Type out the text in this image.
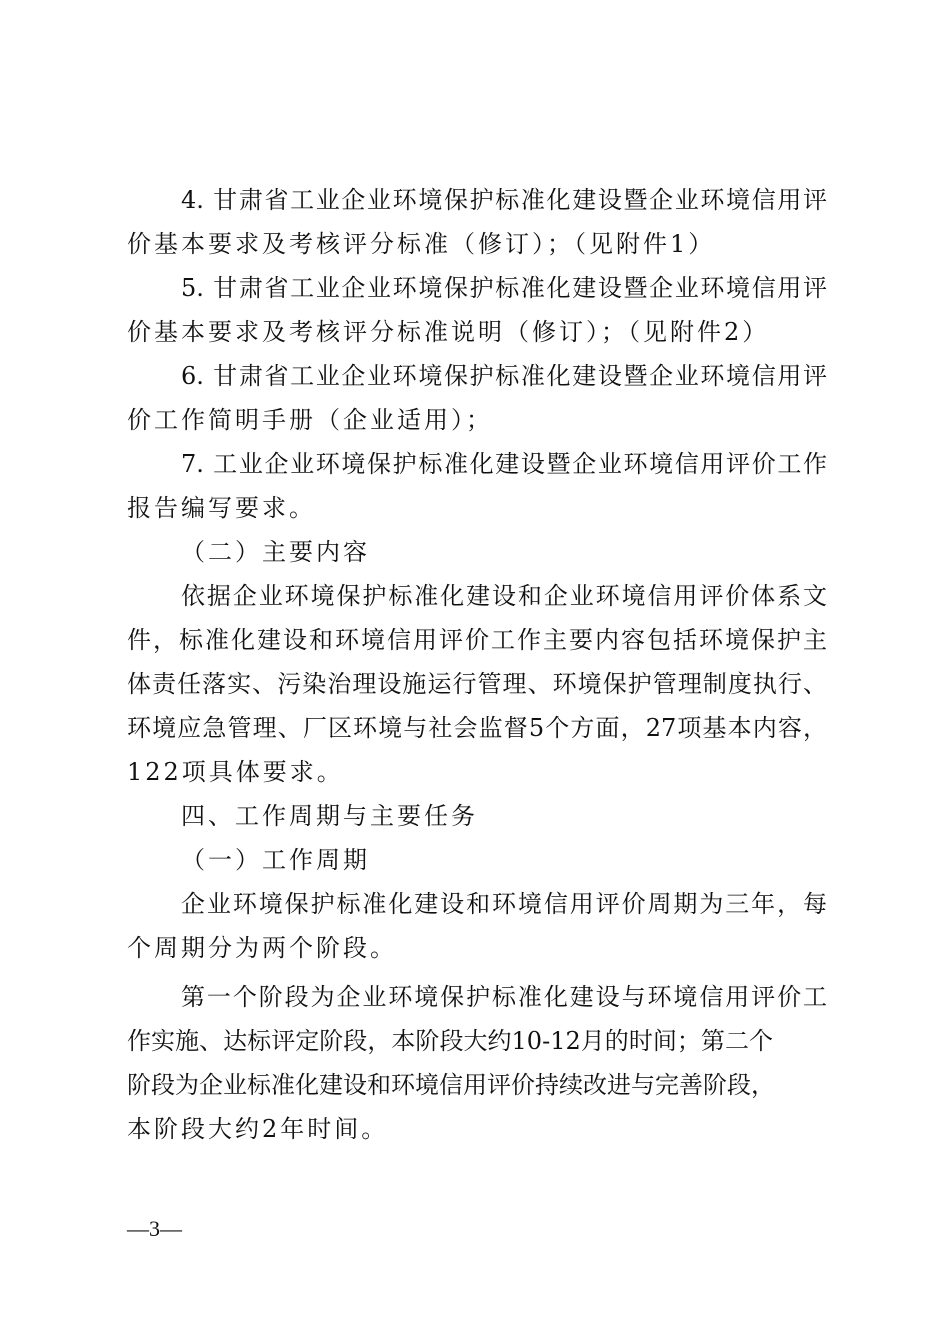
4. 甘肃省工业企业环境保护标准化建设暨企业环境信用评
价基本要求及考核评分标准（修订）；（见附件1）
5. 甘肃省工业企业环境保护标准化建设暨企业环境信用评
价基本要求及考核评分标准说明（修订）；（见附件2）
6. 甘肃省工业企业环境保护标准化建设暨企业环境信用评
价工作简明手册（企业适用）；
7. 工业企业环境保护标准化建设暨企业环境信用评价工作
报告编写要求。
（二）主要内容
依据企业环境保护标准化建设和企业环境信用评价体系文
件，标准化建设和环境信用评价工作主要内容包括环境保护主
体责任落实、污染治理设施运行管理、环境保护管理制度执行、
环境应急管理、厂区环境与社会监督5个方面，27项基本内容，
122项具体要求。
四、工作周期与主要任务
（一）工作周期
企业环境保护标准化建设和环境信用评价周期为三年，每
个周期分为两个阶段。
第一个阶段为企业环境保护标准化建设与环境信用评价工
作实施、达标评定阶段，本阶段大约10-12月的时间；第二个
阶段为企业标准化建设和环境信用评价持续改进与完善阶段，
本阶段大约2年时间。
—3—
